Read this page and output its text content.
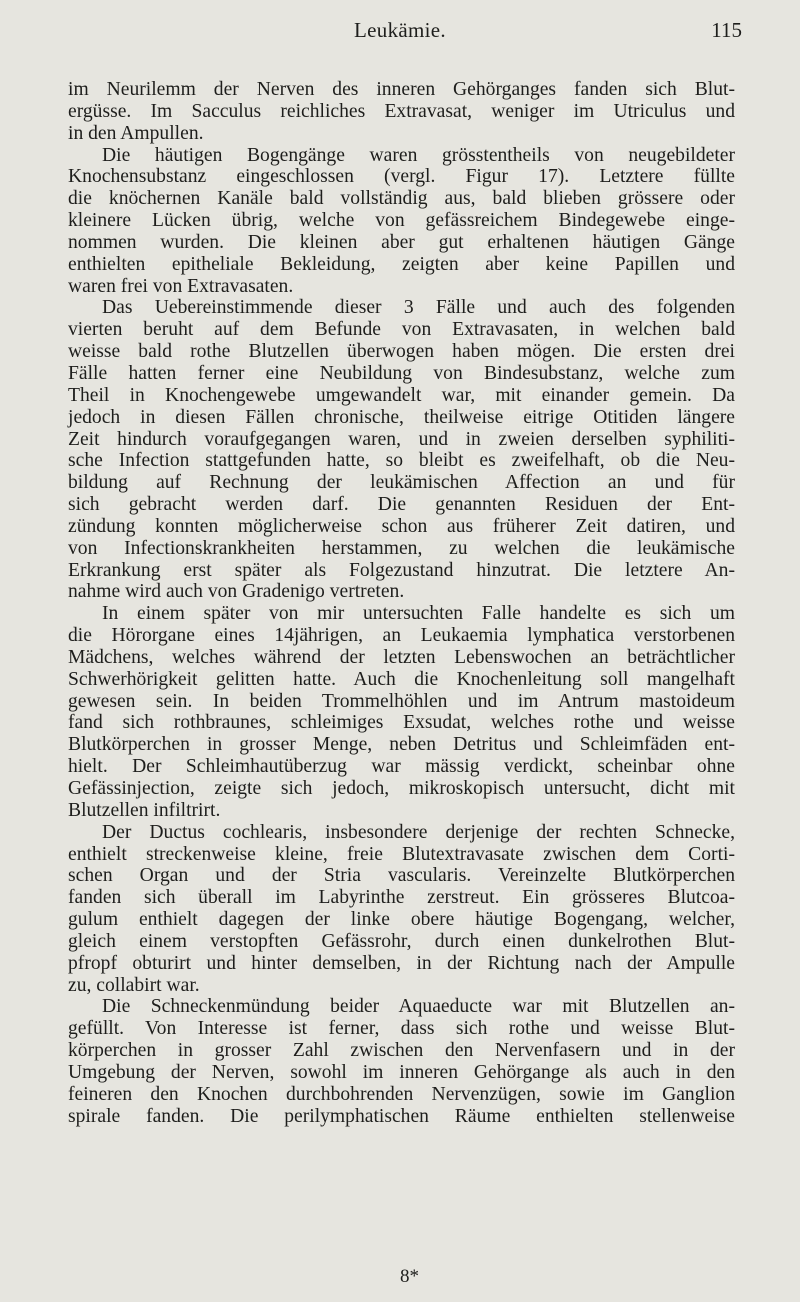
Leukämie.	115
im Neurilemm der Nerven des inneren Gehörganges fanden sich Blut-
ergüsse. Im Sacculus reichliches Extravasat, weniger im Utriculus und
in den Ampullen.
Die häutigen Bogengänge waren grösstentheils von neugebildeter
Knochensubstanz eingeschlossen (vergl. Figur 17). Letztere füllte
die knöchernen Kanäle bald vollständig aus, bald blieben grössere oder
kleinere Lücken übrig, welche von gefässreichem Bindegewebe einge-
nommen wurden. Die kleinen aber gut erhaltenen häutigen Gänge
enthielten epitheliale Bekleidung, zeigten aber keine Papillen und
waren frei von Extravasaten.
Das Uebereinstimmende dieser 3 Fälle und auch des folgenden
vierten beruht auf dem Befunde von Extravasaten, in welchen bald
weisse bald rothe Blutzellen überwogen haben mögen. Die ersten drei
Fälle hatten ferner eine Neubildung von Bindesubstanz, welche zum
Theil in Knochengewebe umgewandelt war, mit einander gemein. Da
jedoch in diesen Fällen chronische, theilweise eitrige Otitiden längere
Zeit hindurch voraufgegangen waren, und in zweien derselben syphiliti-
sche Infection stattgefunden hatte, so bleibt es zweifelhaft, ob die Neu-
bildung auf Rechnung der leukämischen Affection an und für
sich gebracht werden darf. Die genannten Residuen der Ent-
zündung konnten möglicherweise schon aus früherer Zeit datiren, und
von Infectionskrankheiten herstammen, zu welchen die leukämische
Erkrankung erst später als Folgezustand hinzutrat. Die letztere An-
nahme wird auch von Gradenigo vertreten.
In einem später von mir untersuchten Falle handelte es sich um
die Hörorgane eines 14jährigen, an Leukaemia lymphatica verstorbenen
Mädchens, welches während der letzten Lebenswochen an beträchtlicher
Schwerhörigkeit gelitten hatte. Auch die Knochenleitung soll mangelhaft
gewesen sein. In beiden Trommelhöhlen und im Antrum mastoideum
fand sich rothbraunes, schleimiges Exsudat, welches rothe und weisse
Blutkörperchen in grosser Menge, neben Detritus und Schleimfäden ent-
hielt. Der Schleimhautüberzug war mässig verdickt, scheinbar ohne
Gefässinjection, zeigte sich jedoch, mikroskopisch untersucht, dicht mit
Blutzellen infiltrirt.
Der Ductus cochlearis, insbesondere derjenige der rechten Schnecke,
enthielt streckenweise kleine, freie Blutextravasate zwischen dem Corti-
schen Organ und der Stria vascularis. Vereinzelte Blutkörperchen
fanden sich überall im Labyrinthe zerstreut. Ein grösseres Blutcoa-
gulum enthielt dagegen der linke obere häutige Bogengang, welcher,
gleich einem verstopften Gefässrohr, durch einen dunkelrothen Blut-
pfropf obturirt und hinter demselben, in der Richtung nach der Ampulle
zu, collabirt war.
Die Schneckenmündung beider Aquaeducte war mit Blutzellen an-
gefüllt. Von Interesse ist ferner, dass sich rothe und weisse Blut-
körperchen in grosser Zahl zwischen den Nervenfasern und in der
Umgebung der Nerven, sowohl im inneren Gehörgange als auch in den
feineren den Knochen durchbohrenden Nervenzügen, sowie im Ganglion
spirale fanden. Die perilymphatischen Räume enthielten stellenweise
8*
